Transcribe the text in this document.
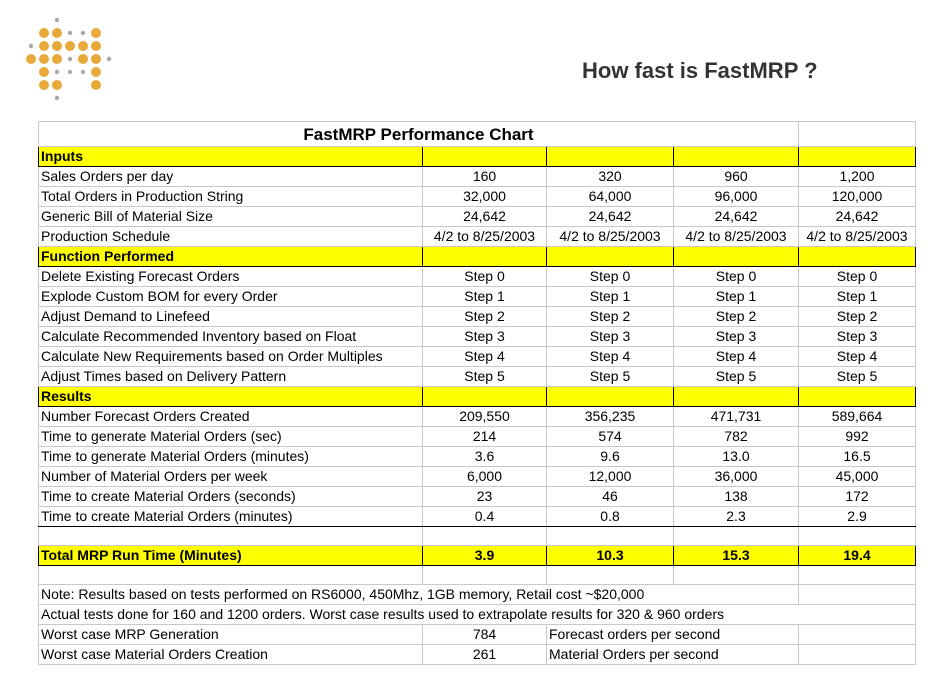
How fast is FastMRP ?
FastMRP Performance Chart				
Inputs				
Sales Orders per day	160	320	960	1,200
Total Orders in Production String	32,000	64,000	96,000	120,000
Generic Bill of Material Size	24,642	24,642	24,642	24,642
Production Schedule	4/2 to 8/25/2003	4/2 to 8/25/2003	4/2 to 8/25/2003	4/2 to 8/25/2003
Function Performed				
Delete Existing Forecast Orders	Step 0	Step 0	Step 0	Step 0
Explode Custom BOM for every Order	Step 1	Step 1	Step 1	Step 1
Adjust Demand to Linefeed	Step 2	Step 2	Step 2	Step 2
Calculate Recommended Inventory based on Float	Step 3	Step 3	Step 3	Step 3
Calculate New Requirements based on Order Multiples	Step 4	Step 4	Step 4	Step 4
Adjust Times based on Delivery Pattern	Step 5	Step 5	Step 5	Step 5
Results				
Number Forecast Orders Created	209,550	356,235	471,731	589,664
Time to generate Material Orders (sec)	214	574	782	992
Time to generate Material Orders (minutes)	3.6	9.6	13.0	16.5
Number of Material Orders per week	6,000	12,000	36,000	45,000
Time to create Material Orders (seconds)	23	46	138	172
Time to create Material Orders (minutes)	0.4	0.8	2.3	2.9

Total MRP Run Time (Minutes)	3.9	10.3	15.3	19.4

Note: Results based on tests performed on RS6000, 450Mhz, 1GB memory, Retail cost ~$20,000				
Actual tests done for 160 and 1200 orders. Worst case results used to extrapolate results for 320 & 960 orders				
Worst case MRP Generation	784	Forecast orders per second		
Worst case Material Orders Creation	261	Material Orders per second		
